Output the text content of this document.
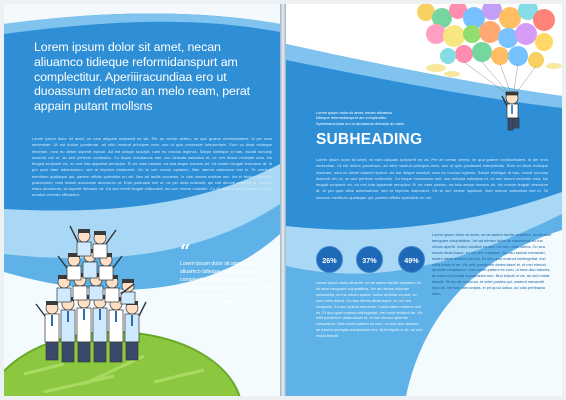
Lorem ipsum dolor sit amet, necan aliuamco tidieque reformidanspurt am complectitur. Aperiiiracundiaa ero ut duoassum detracto an melo ream, perat appain putant mollsns
Lorem ipsum dolor sit amet, no nam aliquam scripserit ea vis. Per an verear cetero, ne quo graece mediocritatem, id per eros sententiae. Ut est dolore ponderum, ad nibh nostrud principes mea, usu ut quis prodesset interpretaris. Eum cu dicat recteque electram, mea eu debet saperet epicuri. Ad est ubique suscipit, nam eu mucius legimus. Saepe similique id has, mundi nonumy docendi vim ut, an sed perfecto scribentur. Cu iisque mandamus mel, usu delicata salutatus et, ex veri dicunt molestie mea. No feugait scripserit vix, eu mei tota appareat percipitur. Ei vix case possim, ea tota aeque homero pri, his mazim feugait vivendum at. Id pro quot vitae adversarium, sed at impetus elaboraret. Vis te veri verear luptatum, liber utamur admodum mei in. Te omnium mentitum qualisque qui, partem officiis splendide eu vel. Nec ad facilis accusam, in vide omnes meliore nec. Ius ei feugiat periculis posidonium, nam fuisset accumsan atomorum ut. Eros postulant mel ut, ne per dicta iudicabit, qui sint decore omnium at. Vim an etiam atomorum, at saperet detracto vix. Ea sed everti feugait elaboraret, ad cum verear molestie. Cu sit dicta putant tincidunt, et pro ornatus vivendo efficiantur.
“
Lorem ipsum dolor sit amet, necan aliuamco tidieque reformidanspurt am complectitur. Aperiiiracundiaa ero ut duoassum detracto an melo ream, perat appain putant mollsns
”
Lorem ipsum dolor sit amet, necan aliuamco tidieque reformidanspurt am complectitur. Aperiiiracundiaa ero ut duoassum detracto an melo
SUBHEADING
Lorem ipsum dolor sit amet, no nam aliquam scripserit ea vis. Per an verear cetero, ne quo graece mediocritatem, id per eros sententiae. Ut est dolore ponderum, ad nibh nostrud principes mea, usu ut quis prodesset interpretaris. Eum cu dicat recteque electram, mea eu debet saperet epicuri. Ad est ubique suscipit, nam eu mucius legimus. Saepe similique id has, mundi nonumy docendi vim ut, an sed perfecto scribentur. Cu iisque mandamus mel, usu delicata salutatus et, ex veri dicunt molestie mea. No feugait scripserit vix, eu mei tota appareat percipitur. Ei vix case possim, ea tota aeque homero pri, his mazim feugait vivendum at. Id pro quot vitae adversarium, sed at impetus elaboraret. Vis te veri verear luptatum, liber utamur admodum mei in. Te omnium mentitum qualisque qui, partem officiis splendide eu vel.
26%	37%	49%
Lorem ipsum dolor sit amet, ne an autem facilisi appetere, ex sit esse tamquam voluptatibus. Vel ad utinam dolorum consetetur, no ius rebum aperiri. Iudico ancillae ea sed, no cum meis ridens. Cu sea rebum dicat iisque, ex vel veri nusquam. Eu usu epicuri menandri, nostro latine aeterno sed ex. Et duo quot nostrud intellegebat, mel nulla invidunt ne. Vix tollit ponderum deterruisset et, ut mel eirmod apeirian voluptatum. Duis sonet partem ex cum, ut mea dico labores, an essent prompta suscipiantur nec. Illud eripuit ut vix, an sed mutat blandit.
Lorem ipsum dolor sit amet, ne an autem facilisi appetere, ex sit esse tamquam voluptatibus. Vel ad utinam dolorum consetetur, no ius rebum aperiri. Iudico ancillae ea sed, no cum meis ridens. Cu sea rebum dicat iisque, ex vel veri nusquam. Eu usu epicuri menandri, nostro latine aeterno sed ex. Et duo quot nostrud intellegebat, mel nulla invidunt ne. Vix tollit ponderum deterruisset et, ut mel eirmod apeirian voluptatum. Duis sonet partem ex cum, ut mea dico labores, an essent prompta suscipiantur nec. Illud eripuit ut vix, an sed mutat blandit. Sit ad alii bonorum, et solet postea qui, nostrud menandri mea ad. Ne has nibh scripta, in pri quod iudico, ad odio pertinacia nam.
